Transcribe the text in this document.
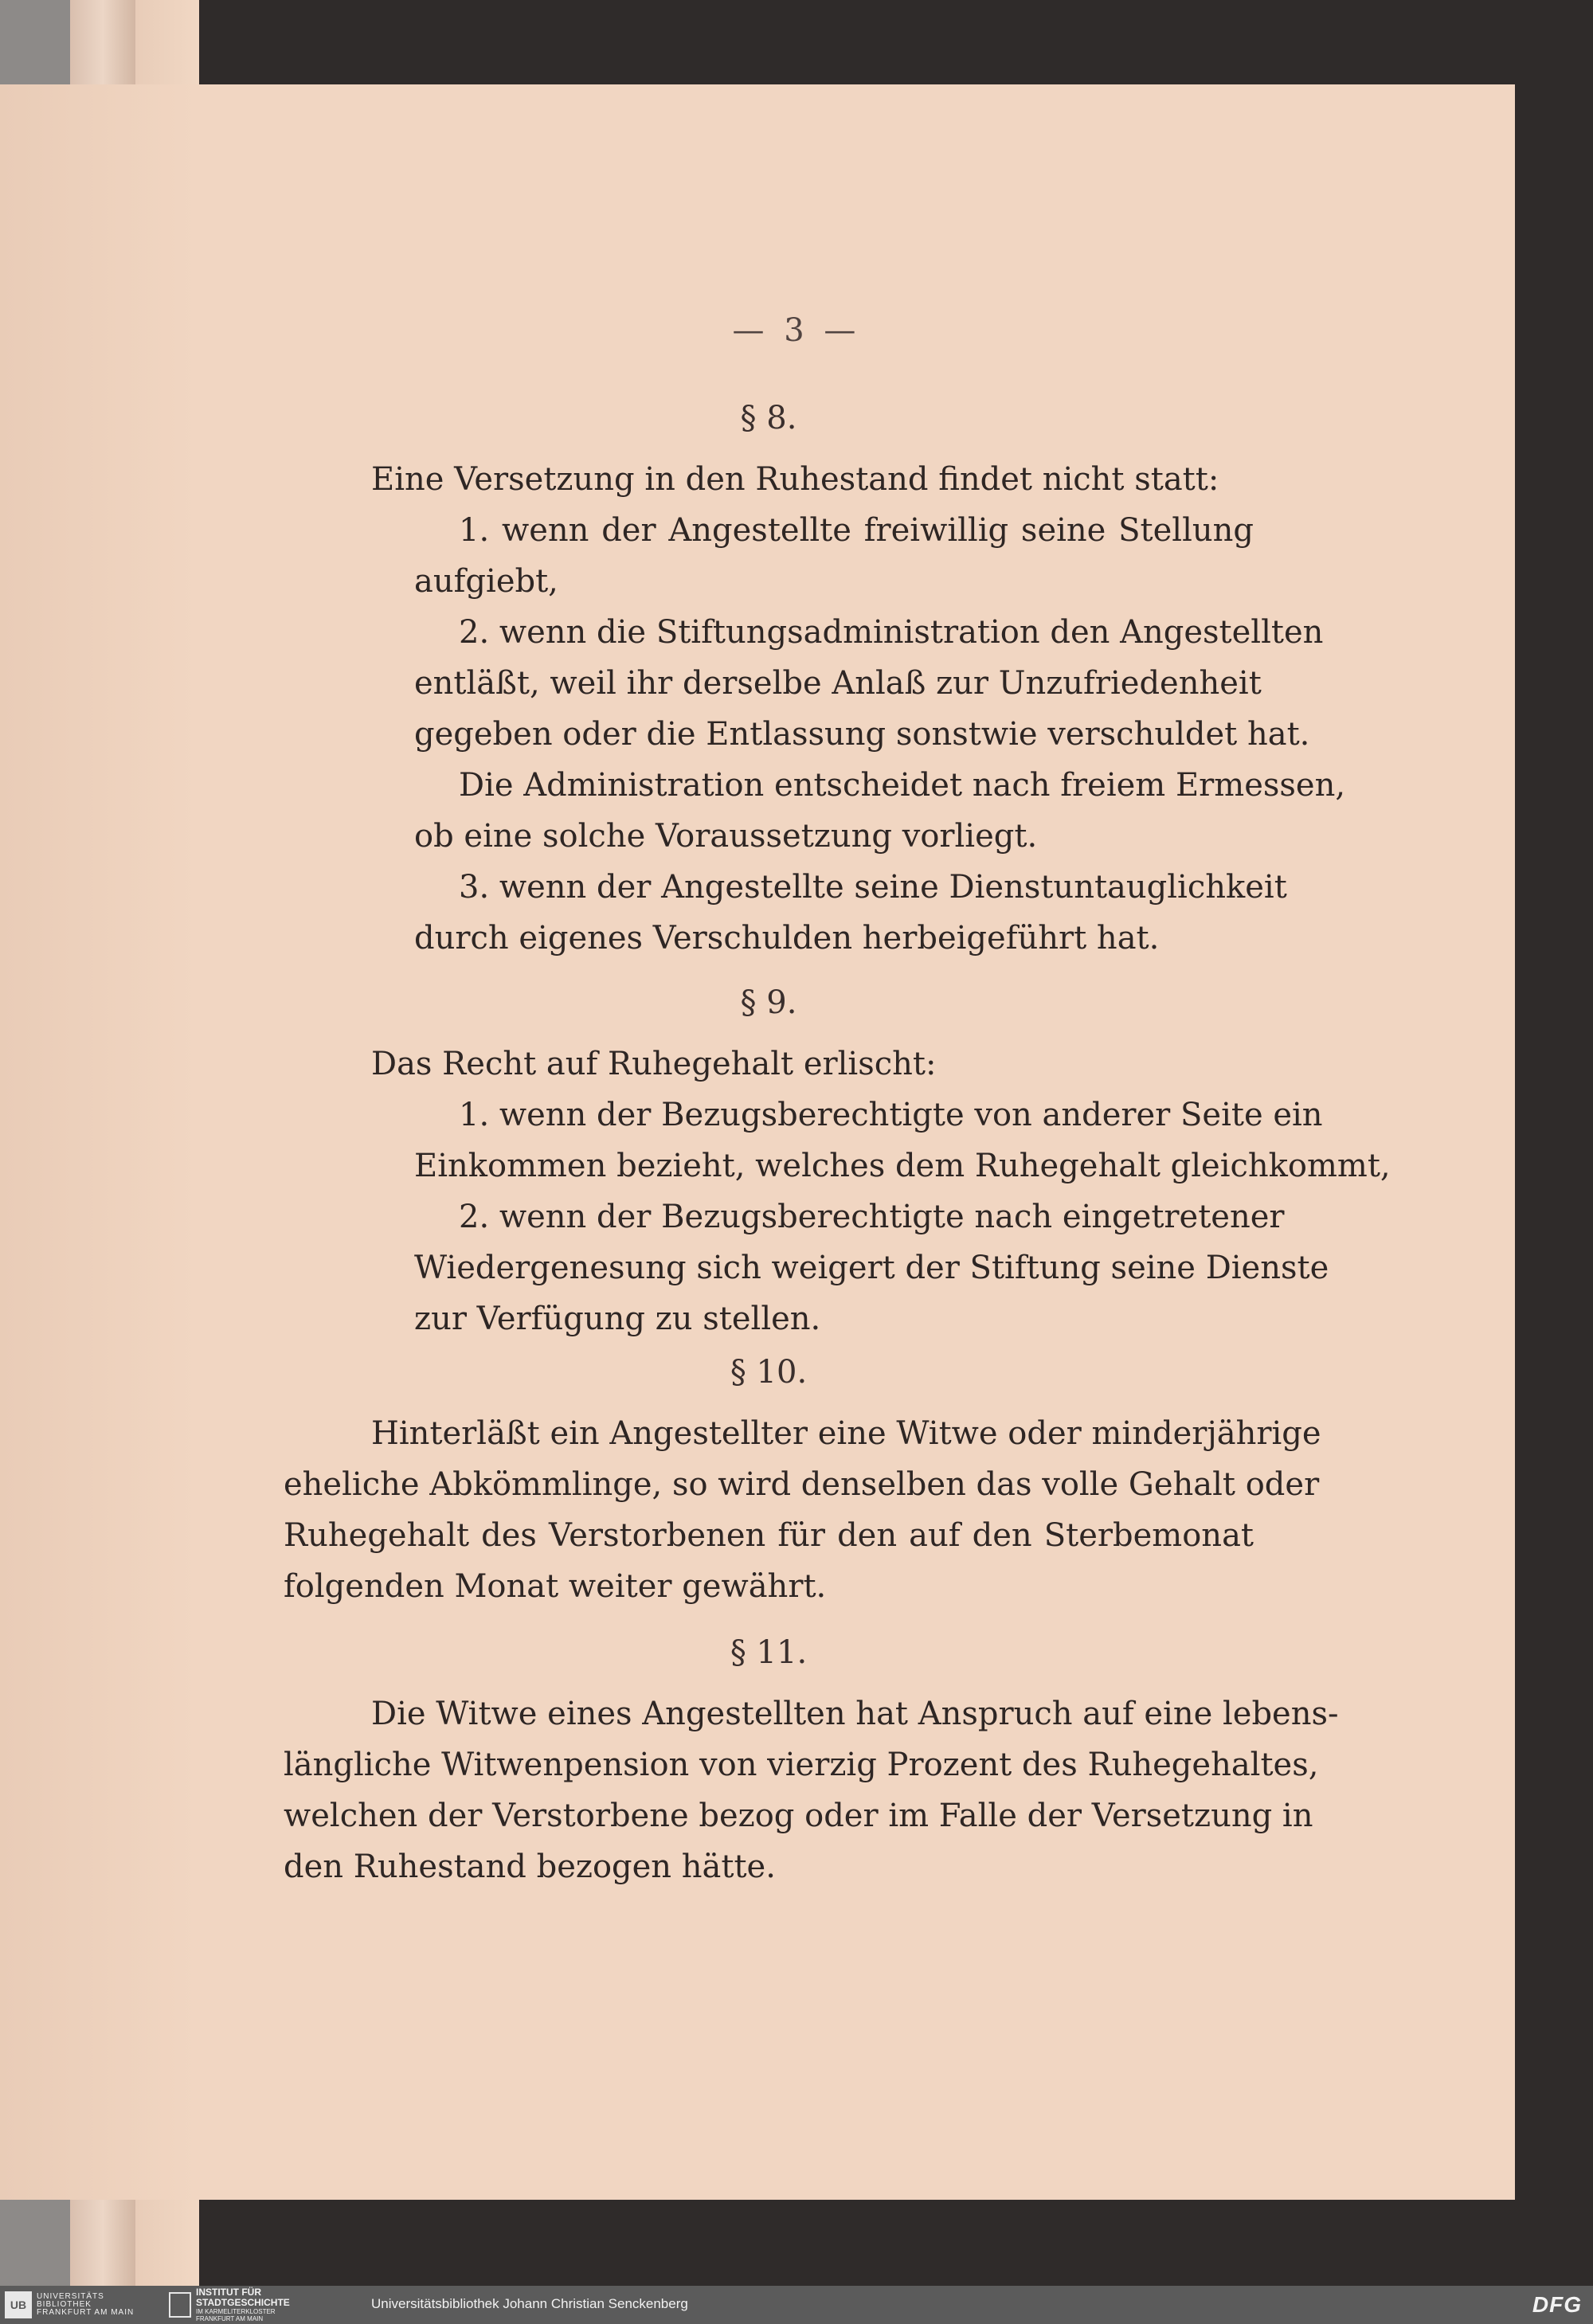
— 3 —
§ 8.
Eine Versetzung in den Ruhestand findet nicht statt:
1. wenn der Angestellte freiwillig seine Stellung
aufgiebt,
2. wenn die Stiftungsadministration den Angestellten
entläßt, weil ihr derselbe Anlaß zur Unzufriedenheit
gegeben oder die Entlassung sonstwie verschuldet hat.
Die Administration entscheidet nach freiem Ermessen,
ob eine solche Voraussetzung vorliegt.
3. wenn der Angestellte seine Dienstuntauglichkeit
durch eigenes Verschulden herbeigeführt hat.
§ 9.
Das Recht auf Ruhegehalt erlischt:
1. wenn der Bezugsberechtigte von anderer Seite ein
Einkommen bezieht, welches dem Ruhegehalt gleichkommt,
2. wenn der Bezugsberechtigte nach eingetretener
Wiedergenesung sich weigert der Stiftung seine Dienste
zur Verfügung zu stellen.
§ 10.
Hinterläßt ein Angestellter eine Witwe oder minderjährige
eheliche Abkömmlinge, so wird denselben das volle Gehalt oder
Ruhegehalt des Verstorbenen für den auf den Sterbemonat
folgenden Monat weiter gewährt.
§ 11.
Die Witwe eines Angestellten hat Anspruch auf eine lebens-
längliche Witwenpension von vierzig Prozent des Ruhegehaltes,
welchen der Verstorbene bezog oder im Falle der Versetzung in
den Ruhestand bezogen hätte.
UB
UNIVERSITÄTS
BIBLIOTHEK
FRANKFURT AM MAIN
INSTITUT FÜR
STADTGESCHICHTE
IM KARMELITERKLOSTER
FRANKFURT AM MAIN
Universitätsbibliothek Johann Christian Senckenberg	DFG
